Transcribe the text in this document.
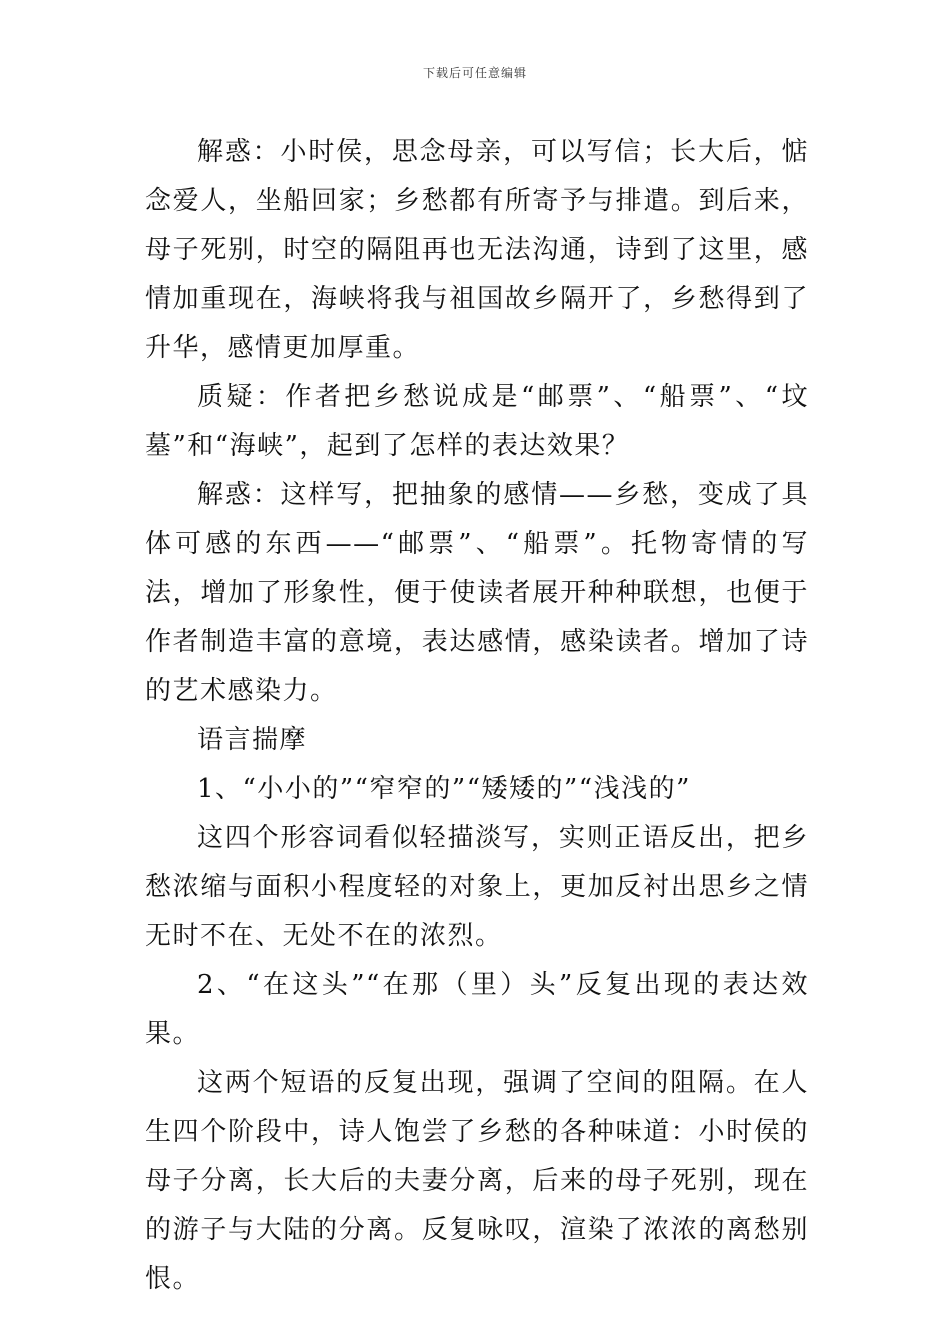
下载后可任意编辑

解惑：小时侯，思念母亲，可以写信；长大后，惦念爱人，坐船回家；乡愁都有所寄予与排遣。到后来，母子死别，时空的隔阻再也无法沟通，诗到了这里，感情加重现在，海峡将我与祖国故乡隔开了，乡愁得到了升华，感情更加厚重。

质疑：作者把乡愁说成是“邮票”、“船票”、“坟墓”和“海峡”，起到了怎样的表达效果？

解惑：这样写，把抽象的感情——乡愁，变成了具体可感的东西——“邮票”、“船票”。托物寄情的写法，增加了形象性，便于使读者展开种种联想，也便于作者制造丰富的意境，表达感情，感染读者。增加了诗的艺术感染力。

语言揣摩

1、“小小的”“窄窄的”“矮矮的”“浅浅的”

这四个形容词看似轻描淡写，实则正语反出，把乡愁浓缩与面积小程度轻的对象上，更加反衬出思乡之情无时不在、无处不在的浓烈。

2、“在这头”“在那（里）头”反复出现的表达效果。

这两个短语的反复出现，强调了空间的阻隔。在人生四个阶段中，诗人饱尝了乡愁的各种味道：小时侯的母子分离，长大后的夫妻分离，后来的母子死别，现在的游子与大陆的分离。反复咏叹，渲染了浓浓的离愁别恨。
